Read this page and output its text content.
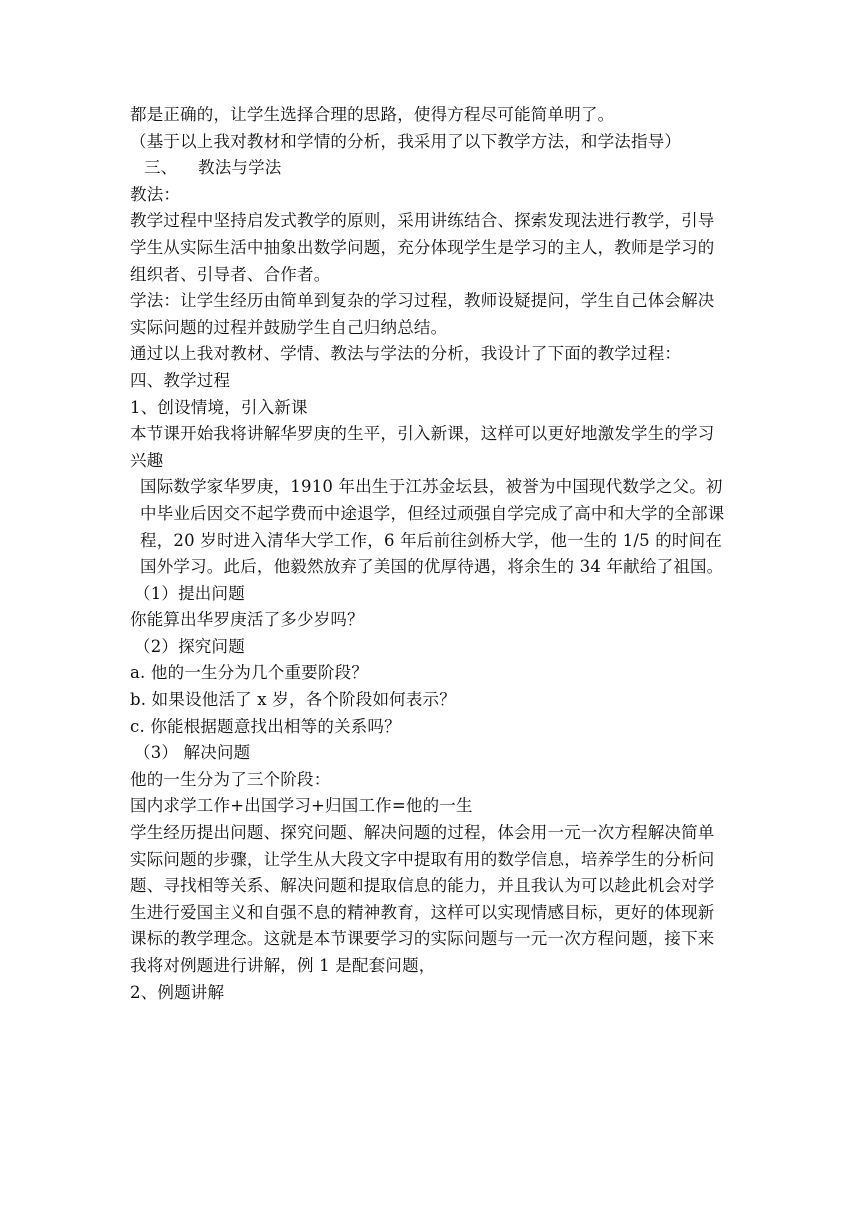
都是正确的，让学生选择合理的思路，使得方程尽可能简单明了。
（基于以上我对教材和学情的分析，我采用了以下教学方法，和学法指导）
三、 教法与学法
教法：
教学过程中坚持启发式教学的原则，采用讲练结合、探索发现法进行教学，引导
学生从实际生活中抽象出数学问题，充分体现学生是学习的主人，教师是学习的
组织者、引导者、合作者。
学法：让学生经历由简单到复杂的学习过程，教师设疑提问，学生自己体会解决
实际问题的过程并鼓励学生自己归纳总结。
通过以上我对教材、学情、教法与学法的分析，我设计了下面的教学过程：
四、教学过程
1、创设情境，引入新课
本节课开始我将讲解华罗庚的生平，引入新课，这样可以更好地激发学生的学习
兴趣
国际数学家华罗庚，1910 年出生于江苏金坛县，被誉为中国现代数学之父。初
中毕业后因交不起学费而中途退学，但经过顽强自学完成了高中和大学的全部课
程，20 岁时进入清华大学工作，6 年后前往剑桥大学，他一生的 1/5 的时间在
国外学习。此后，他毅然放弃了美国的优厚待遇，将余生的 34 年献给了祖国。
（1）提出问题
你能算出华罗庚活了多少岁吗？
（2）探究问题
a. 他的一生分为几个重要阶段？
b. 如果设他活了 x 岁，各个阶段如何表示？
c. 你能根据题意找出相等的关系吗？
（3） 解决问题
他的一生分为了三个阶段：
国内求学工作+出国学习+归国工作=他的一生
学生经历提出问题、探究问题、解决问题的过程，体会用一元一次方程解决简单
实际问题的步骤，让学生从大段文字中提取有用的数学信息，培养学生的分析问
题、寻找相等关系、解决问题和提取信息的能力，并且我认为可以趁此机会对学
生进行爱国主义和自强不息的精神教育，这样可以实现情感目标，更好的体现新
课标的教学理念。这就是本节课要学习的实际问题与一元一次方程问题，接下来
我将对例题进行讲解，例 1 是配套问题，
2、例题讲解
